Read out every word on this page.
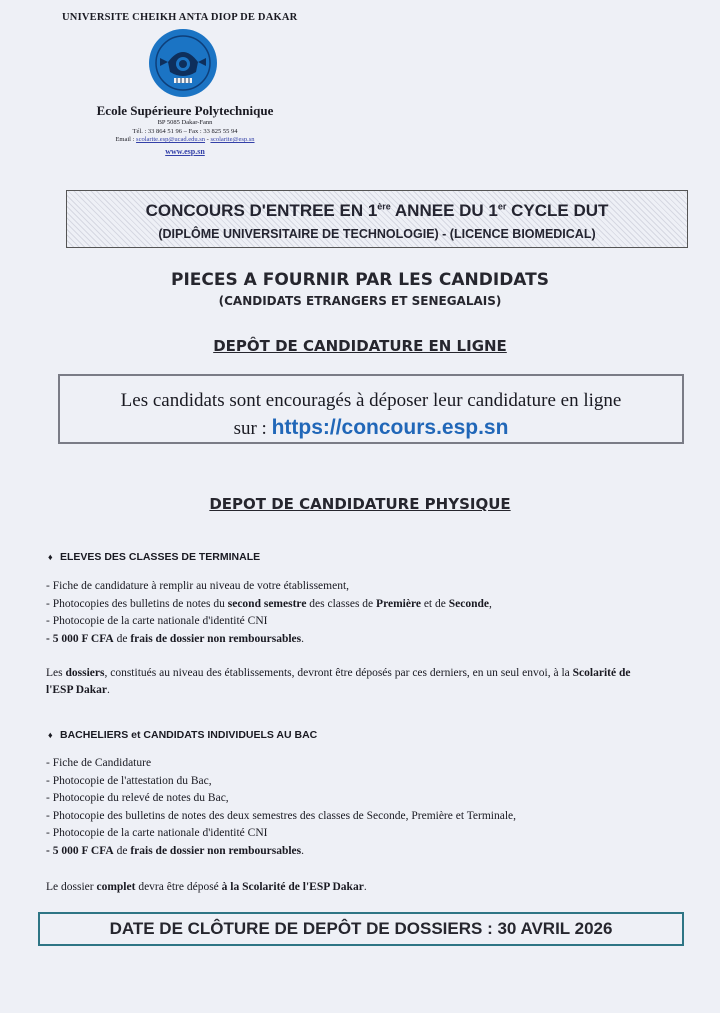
UNIVERSITE CHEIKH ANTA DIOP DE DAKAR
Ecole Supérieure Polytechnique
BP 5085 Dakar-Fann
Tél. : 33 864 51 96 – Fax : 33 825 55 94
Email : scolarite.esp@ucad.edu.sn - scolarite@esp.sn
www.esp.sn
CONCOURS D'ENTREE EN 1ère ANNEE DU 1er CYCLE DUT
(DIPLÔME UNIVERSITAIRE DE TECHNOLOGIE) - (LICENCE BIOMEDICAL)
PIECES A FOURNIR PAR LES CANDIDATS
(CANDIDATS ETRANGERS ET SENEGALAIS)
DEPÔT DE CANDIDATURE EN LIGNE
Les candidats sont encouragés à déposer leur candidature en ligne
sur : https://concours.esp.sn
DEPOT DE CANDIDATURE PHYSIQUE
♦ ELEVES DES CLASSES DE TERMINALE
- Fiche de candidature à remplir au niveau de votre établissement,
- Photocopies des bulletins de notes du second semestre des classes de Première et de Seconde,
- Photocopie de la carte nationale d'identité CNI
- 5 000 F CFA de frais de dossier non remboursables.
Les dossiers, constitués au niveau des établissements, devront être déposés par ces derniers, en un seul envoi, à la Scolarité de l'ESP Dakar.
♦ BACHELIERS et CANDIDATS INDIVIDUELS AU BAC
- Fiche de Candidature
- Photocopie de l'attestation du Bac,
- Photocopie du relevé de notes du Bac,
- Photocopie des bulletins de notes des deux semestres des classes de Seconde, Première et Terminale,
- Photocopie de la carte nationale d'identité CNI
- 5 000 F CFA de frais de dossier non remboursables.
Le dossier complet devra être déposé à la Scolarité de l'ESP Dakar.
DATE DE CLÔTURE DE DEPÔT DE DOSSIERS : 30 AVRIL 2026
